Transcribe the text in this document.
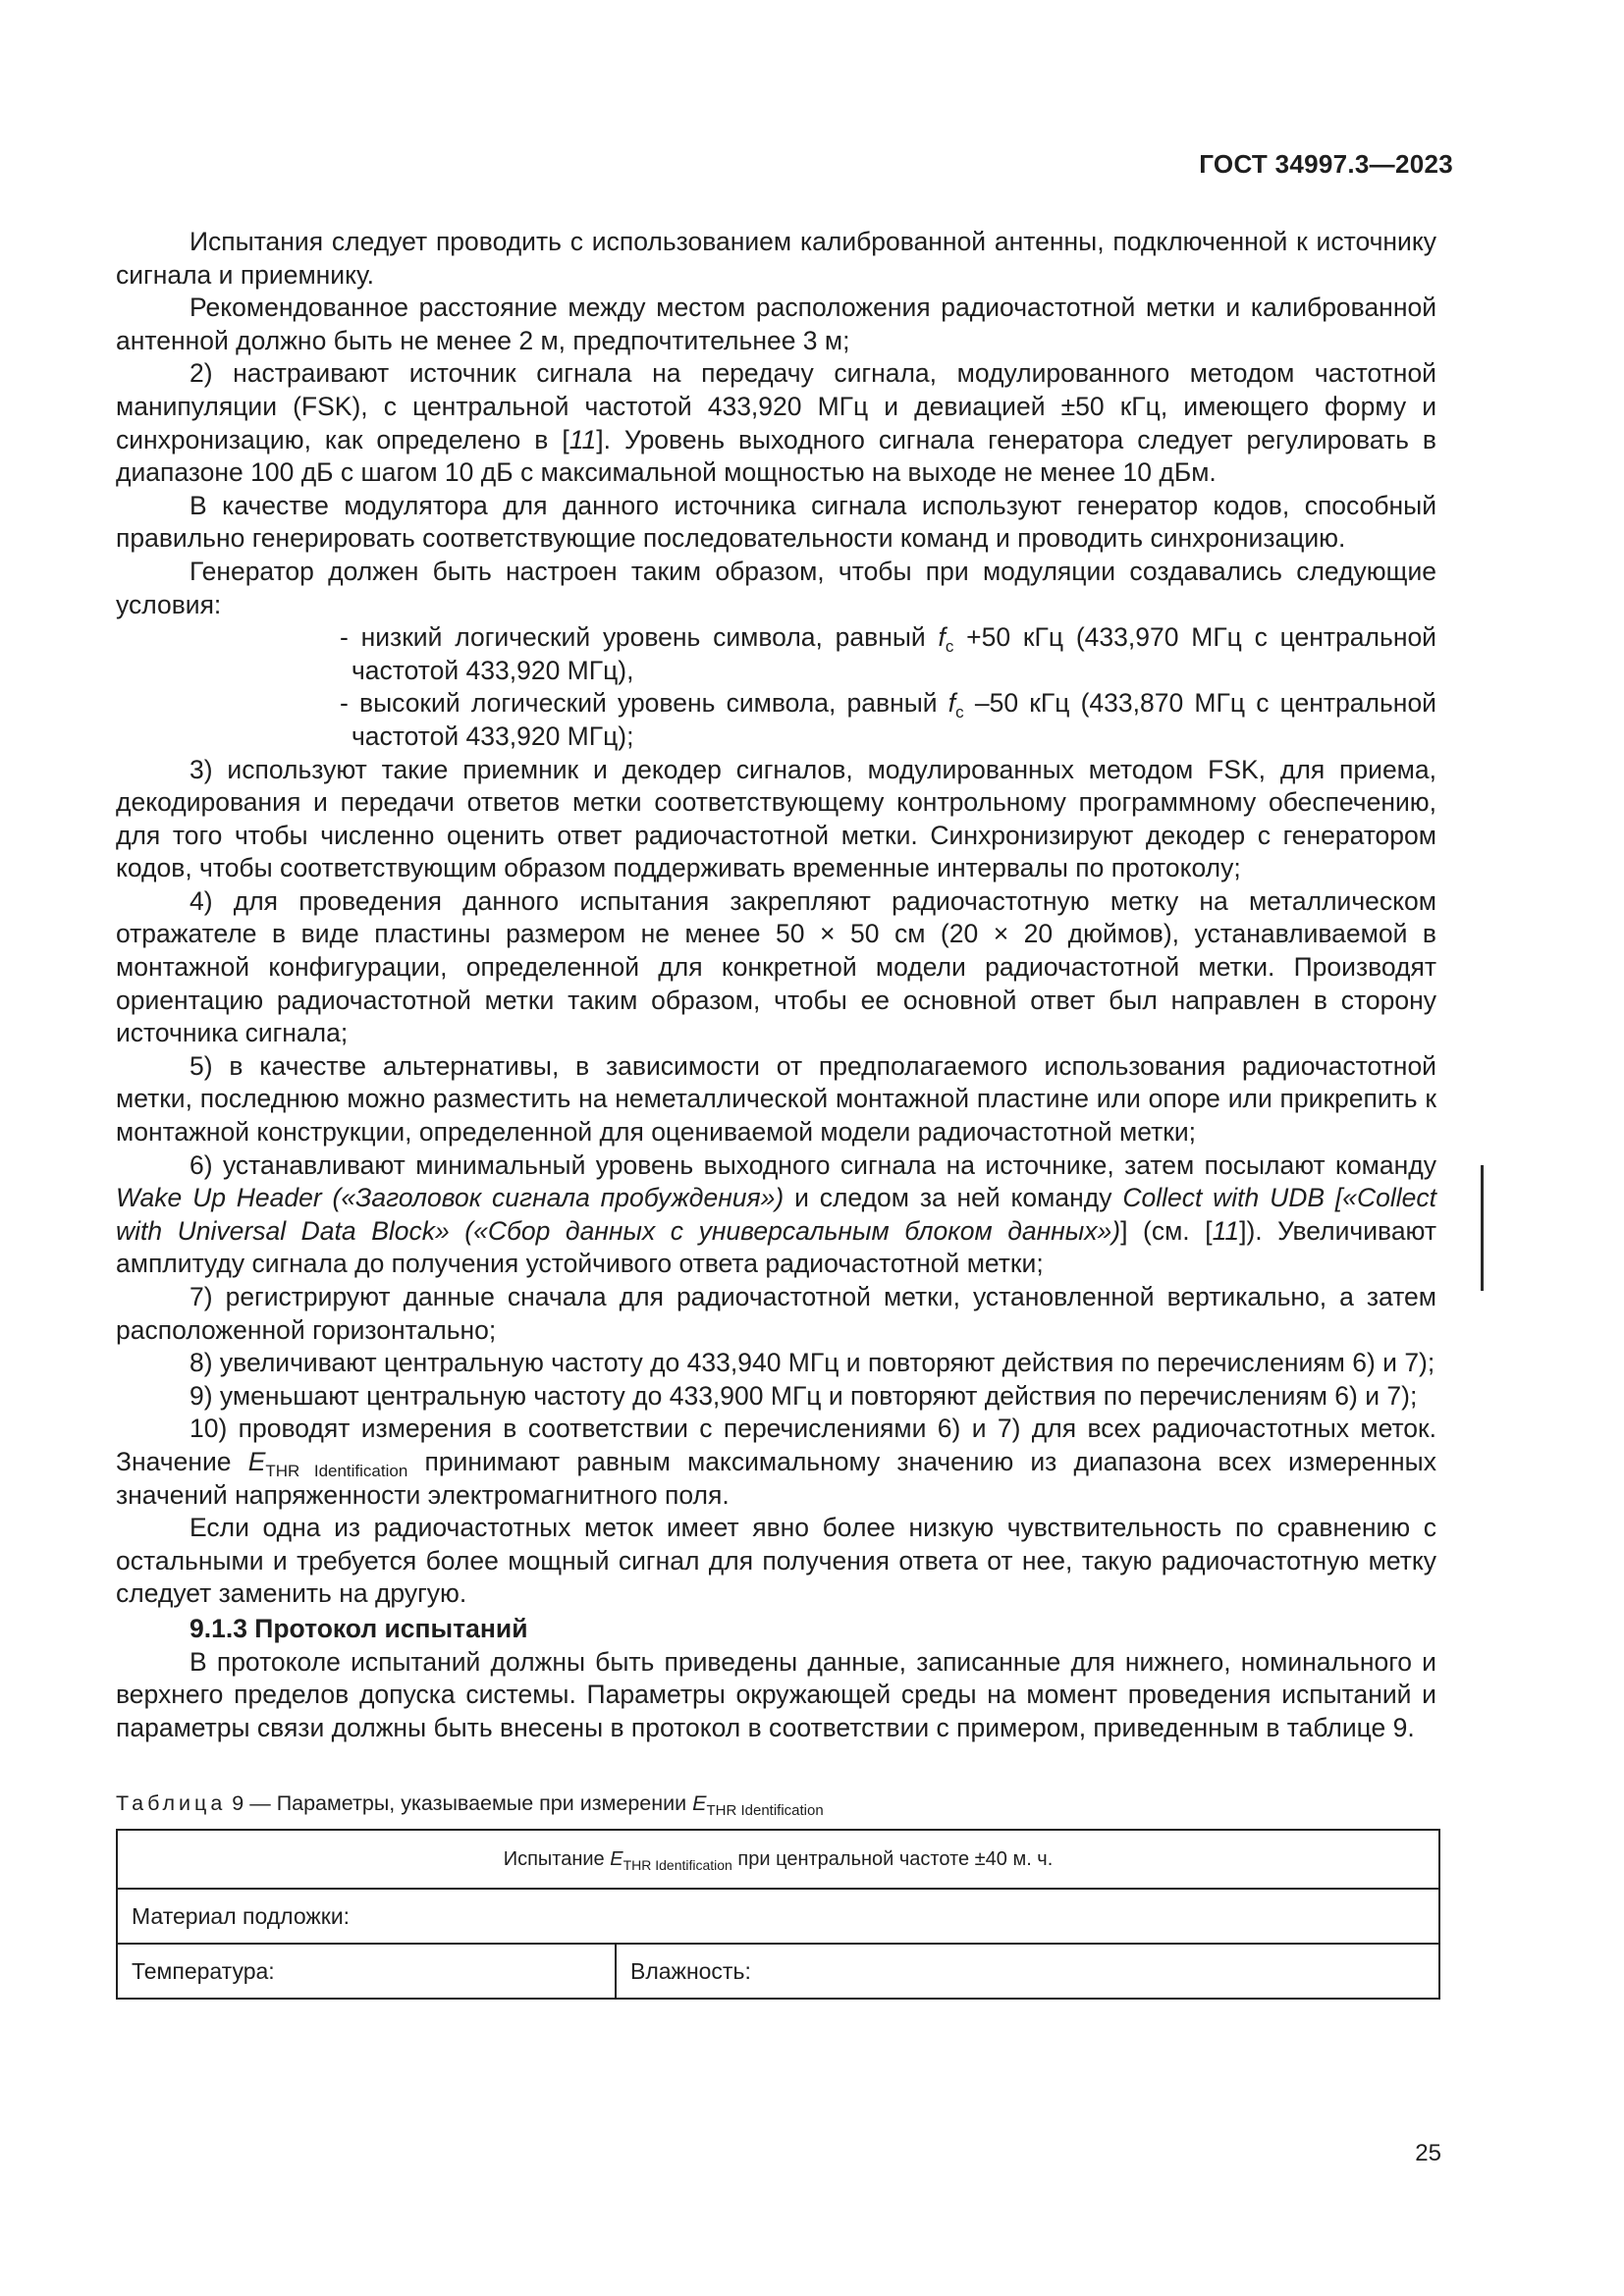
ГОСТ 34997.3—2023

Испытания следует проводить с использованием калиброванной антенны, подключенной к источнику сигнала и приемнику.

Рекомендованное расстояние между местом расположения радиочастотной метки и калиброванной антенной должно быть не менее 2 м, предпочтительнее 3 м;

2) настраивают источник сигнала на передачу сигнала, модулированного методом частотной манипуляции (FSK), с центральной частотой 433,920 МГц и девиацией ±50 кГц, имеющего форму и синхронизацию, как определено в [11]. Уровень выходного сигнала генератора следует регулировать в диапазоне 100 дБ с шагом 10 дБ с максимальной мощностью на выходе не менее 10 дБм.

В качестве модулятора для данного источника сигнала используют генератор кодов, способный правильно генерировать соответствующие последовательности команд и проводить синхронизацию.

Генератор должен быть настроен таким образом, чтобы при модуляции создавались следующие условия:

- низкий логический уровень символа, равный $f_c +50$ кГц (433,970 МГц с центральной частотой 433,920 МГц),

- высокий логический уровень символа, равный $f_c$ –50 кГц (433,870 МГц с центральной частотой 433,920 МГц);

3) используют такие приемник и декодер сигналов, модулированных методом FSK, для приема, декодирования и передачи ответов метки соответствующему контрольному программному обеспечению, для того чтобы численно оценить ответ радиочастотной метки. Синхронизируют декодер с генератором кодов, чтобы соответствующим образом поддерживать временные интервалы по протоколу;

4) для проведения данного испытания закрепляют радиочастотную метку на металлическом отражателе в виде пластины размером не менее 50 × 50 см (20 × 20 дюймов), устанавливаемой в монтажной конфигурации, определенной для конкретной модели радиочастотной метки. Производят ориентацию радиочастотной метки таким образом, чтобы ее основной ответ был направлен в сторону источника сигнала;

5) в качестве альтернативы, в зависимости от предполагаемого использования радиочастотной метки, последнюю можно разместить на неметаллической монтажной пластине или опоре или прикрепить к монтажной конструкции, определенной для оцениваемой модели радиочастотной метки;

6) устанавливают минимальный уровень выходного сигнала на источнике, затем посылают команду Wake Up Header («Заголовок сигнала пробуждения») и следом за ней команду Collect with UDB [«Collect with Universal Data Block» («Сбор данных с универсальным блоком данных»)] (см. [11]). Увеличивают амплитуду сигнала до получения устойчивого ответа радиочастотной метки;

7) регистрируют данные сначала для радиочастотной метки, установленной вертикально, а затем расположенной горизонтально;

8) увеличивают центральную частоту до 433,940 МГц и повторяют действия по перечислениям 6) и 7);

9) уменьшают центральную частоту до 433,900 МГц и повторяют действия по перечислениям 6) и 7);

10) проводят измерения в соответствии с перечислениями 6) и 7) для всех радиочастотных меток. Значение $E_{THR Identification}$ принимают равным максимальному значению из диапазона всех измеренных значений напряженности электромагнитного поля.

Если одна из радиочастотных меток имеет явно более низкую чувствительность по сравнению с остальными и требуется более мощный сигнал для получения ответа от нее, такую радиочастотную метку следует заменить на другую.

9.1.3 Протокол испытаний

В протоколе испытаний должны быть приведены данные, записанные для нижнего, номинального и верхнего пределов допуска системы. Параметры окружающей среды на момент проведения испытаний и параметры связи должны быть внесены в протокол в соответствии с примером, приведенным в таблице 9.

Таблица 9 — Параметры, указываемые при измерении $E_{THR Identification}$
Испытание $E_{THR Identification}$ при центральной частоте ±40 м. ч.
Материал подложки:
Температура:	Влажность:
25
